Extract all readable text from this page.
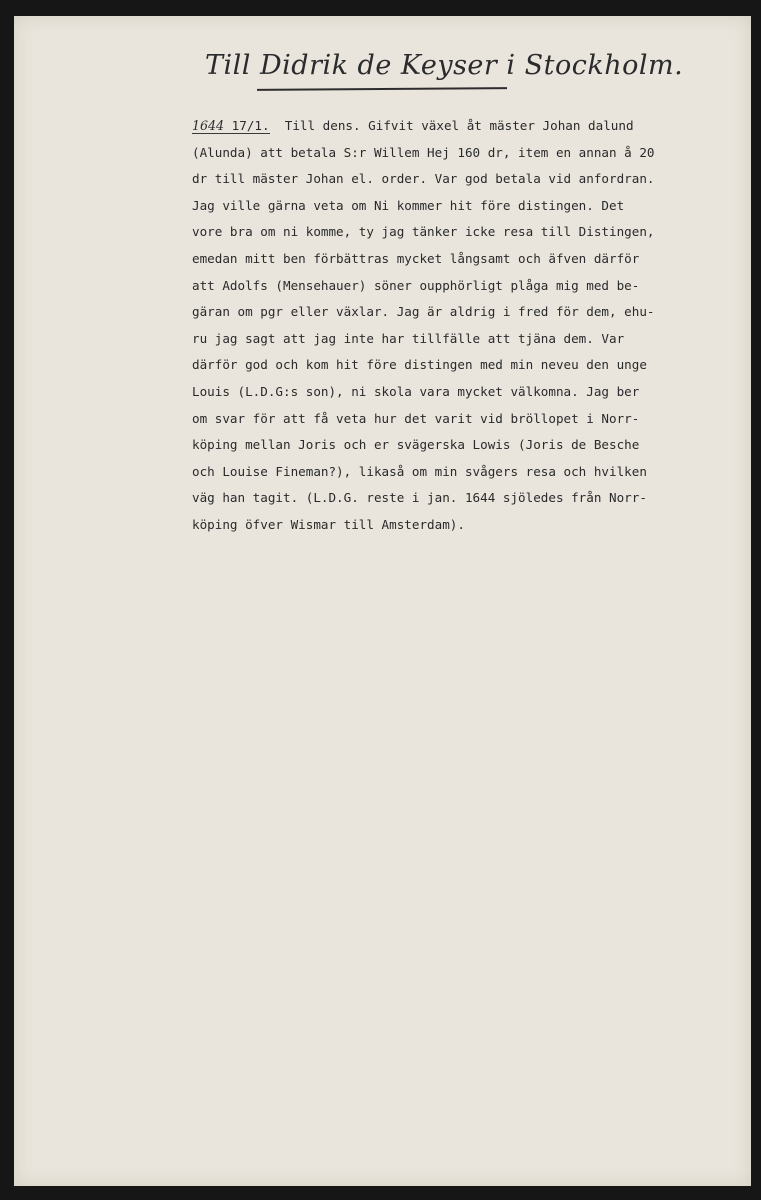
Till Didrik de Keyser i Stockholm.
1644 17/1. Till dens. Gifvit växel åt mäster Johan dalund
(Alunda) att betala S:r Willem Hej 160 dr, item en annan å 20
dr till mäster Johan el. order. Var god betala vid anfordran.
Jag ville gärna veta om Ni kommer hit före distingen. Det
vore bra om ni komme, ty jag tänker icke resa till Distingen,
emedan mitt ben förbättras mycket långsamt och äfven därför
att Adolfs (Mensehauer) söner oupphörligt plåga mig med be-
gäran om pgr eller växlar. Jag är aldrig i fred för dem, ehu-
ru jag sagt att jag inte har tillfälle att tjäna dem. Var
därför god och kom hit före distingen med min neveu den unge
Louis (L.D.G:s son), ni skola vara mycket välkomna. Jag ber
om svar för att få veta hur det varit vid bröllopet i Norr-
köping mellan Joris och er svägerska Lowis (Joris de Besche
och Louise Fineman?), likaså om min svågers resa och hvilken
väg han tagit. (L.D.G. reste i jan. 1644 sjöledes från Norr-
köping öfver Wismar till Amsterdam).
